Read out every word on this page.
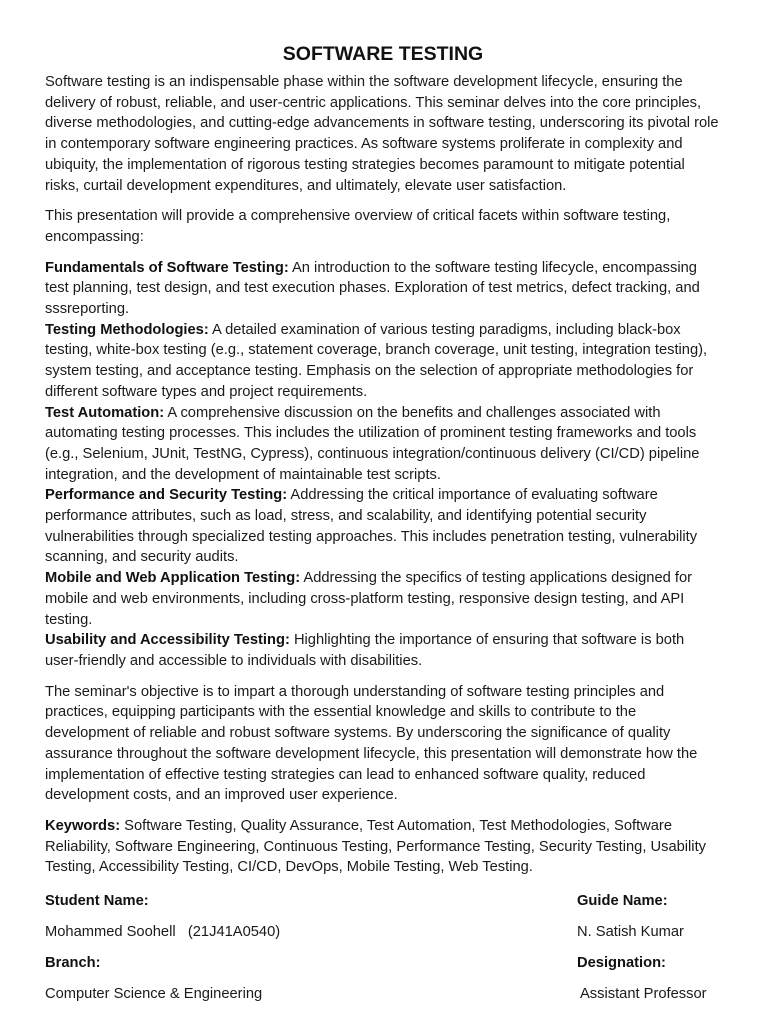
SOFTWARE TESTING

Software testing is an indispensable phase within the software development lifecycle, ensuring the delivery of robust, reliable, and user-centric applications. This seminar delves into the core principles, diverse methodologies, and cutting-edge advancements in software testing, underscoring its pivotal role in contemporary software engineering practices. As software systems proliferate in complexity and ubiquity, the implementation of rigorous testing strategies becomes paramount to mitigate potential risks, curtail development expenditures, and ultimately, elevate user satisfaction.

This presentation will provide a comprehensive overview of critical facets within software testing, encompassing:

Fundamentals of Software Testing: An introduction to the software testing lifecycle, encompassing test planning, test design, and test execution phases. Exploration of test metrics, defect tracking, and sssreporting.

Testing Methodologies: A detailed examination of various testing paradigms, including black-box testing, white-box testing (e.g., statement coverage, branch coverage, unit testing, integration testing), system testing, and acceptance testing. Emphasis on the selection of appropriate methodologies for different software types and project requirements.

Test Automation: A comprehensive discussion on the benefits and challenges associated with automating testing processes. This includes the utilization of prominent testing frameworks and tools (e.g., Selenium, JUnit, TestNG, Cypress), continuous integration/continuous delivery (CI/CD) pipeline integration, and the development of maintainable test scripts.

Performance and Security Testing: Addressing the critical importance of evaluating software performance attributes, such as load, stress, and scalability, and identifying potential security vulnerabilities through specialized testing approaches. This includes penetration testing, vulnerability scanning, and security audits.

Mobile and Web Application Testing: Addressing the specifics of testing applications designed for mobile and web environments, including cross-platform testing, responsive design testing, and API testing.

Usability and Accessibility Testing: Highlighting the importance of ensuring that software is both user-friendly and accessible to individuals with disabilities.

The seminar's objective is to impart a thorough understanding of software testing principles and practices, equipping participants with the essential knowledge and skills to contribute to the development of reliable and robust software systems. By underscoring the significance of quality assurance throughout the software development lifecycle, this presentation will demonstrate how the implementation of effective testing strategies can lead to enhanced software quality, reduced development costs, and an improved user experience.

Keywords: Software Testing, Quality Assurance, Test Automation, Test Methodologies, Software Reliability, Software Engineering, Continuous Testing, Performance Testing, Security Testing, Usability Testing, Accessibility Testing, CI/CD, DevOps, Mobile Testing, Web Testing.

Student Name:	Guide Name:
Mohammed Soohell   (21J41A0540)	N. Satish Kumar
Branch:	Designation:
Computer Science & Engineering	Assistant Professor
